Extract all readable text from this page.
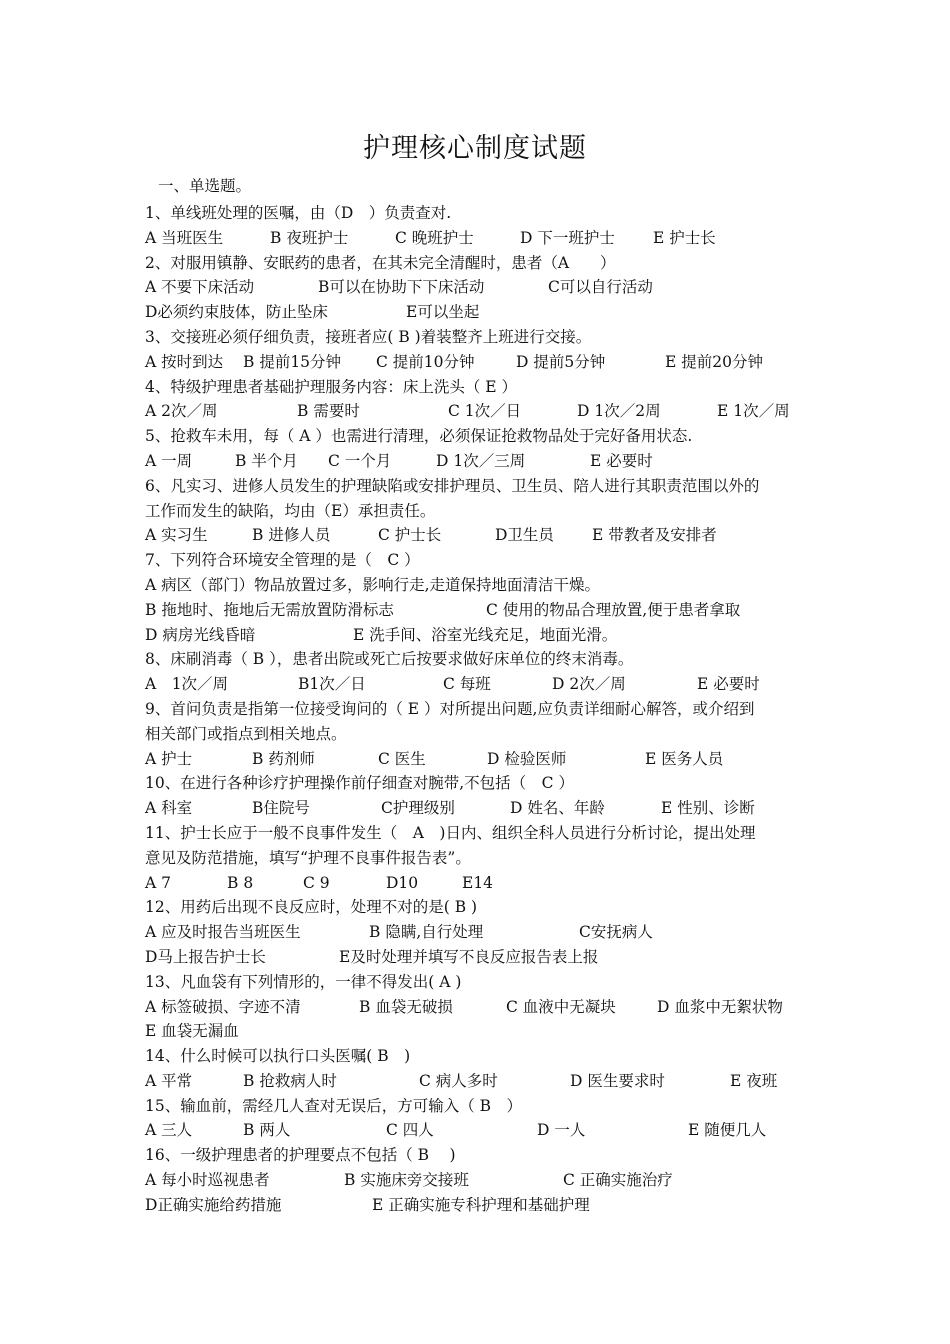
护理核心制度试题
一、单选题。
1、单线班处理的医嘱，由（D　）负责查对.
A 当班医生	B 夜班护士	C 晚班护士	D 下一班护士 E 护士长
2、对服用镇静、安眠药的患者，在其未完全清醒时，患者（A　　）
A 不要下床活动	B可以在协助下下床活动	C可以自行活动
D必须约束肢体，防止坠床	E可以坐起
3、交接班必须仔细负责，接班者应( B )着装整齐上班进行交接。
A 按时到达 B 提前15分钟 C 提前10分钟	D 提前5分钟	E 提前20分钟
4、特级护理患者基础护理服务内容：床上洗头（ E ）
A 2次／周	B 需要时	C 1次／日	D 1次／2周	E 1次／周
5、抢救车未用，每（ A ）也需进行清理，必须保证抢救物品处于完好备用状态.
A 一周	B 半个月 C 一个月	D 1次／三周	E 必要时
6、凡实习、进修人员发生的护理缺陷或安排护理员、卫生员、陪人进行其职责范围以外的
工作而发生的缺陷，均由（E）承担责任。
A 实习生	B 进修人员	C 护士长	D卫生员 E 带教者及安排者
7、下列符合环境安全管理的是（　C ）
A 病区（部门）物品放置过多，影响行走,走道保持地面清洁干燥。
B 拖地时、拖地后无需放置防滑标志	C 使用的物品合理放置,便于患者拿取
D 病房光线昏暗	E 洗手间、浴室光线充足，地面光滑。
8、床刷消毒（ B ），患者出院或死亡后按要求做好床单位的终末消毒。
A　1次／周	B1次／日	C 每班	D 2次／周	E 必要时
9、首问负责是指第一位接受询问的（ E ）对所提出问题,应负责详细耐心解答，或介绍到
相关部门或指点到相关地点。
A 护士	B 药剂师	C 医生	D 检验医师	E 医务人员
10、在进行各种诊疗护理操作前仔细查对腕带,不包括（　C ）
A 科室	B住院号	C护理级别	D 姓名、年龄	E 性别、诊断
11、护士长应于一般不良事件发生（　A　)日内、组织全科人员进行分析讨论，提出处理
意见及防范措施，填写“护理不良事件报告表”。
A 7	B 8	C 9	D10	E14
12、用药后出现不良反应时，处理不对的是( B )
A 应及时报告当班医生	B 隐瞒,自行处理	C安抚病人
D马上报告护士长	E及时处理并填写不良反应报告表上报
13、凡血袋有下列情形的，一律不得发出( A )
A 标签破损、字迹不清	B 血袋无破损	C 血液中无凝块	D 血浆中无絮状物
E 血袋无漏血
14、什么时候可以执行口头医嘱( B　)
A 平常	B 抢救病人时	C 病人多时	D 医生要求时	E 夜班
15、输血前，需经几人查对无误后，方可输入（ B　）
A 三人	B 两人	C 四人	D 一人	E 随便几人
16、一级护理患者的护理要点不包括（ B　 )
A 每小时巡视患者	B 实施床旁交接班	C 正确实施治疗
D正确实施给药措施	E 正确实施专科护理和基础护理
